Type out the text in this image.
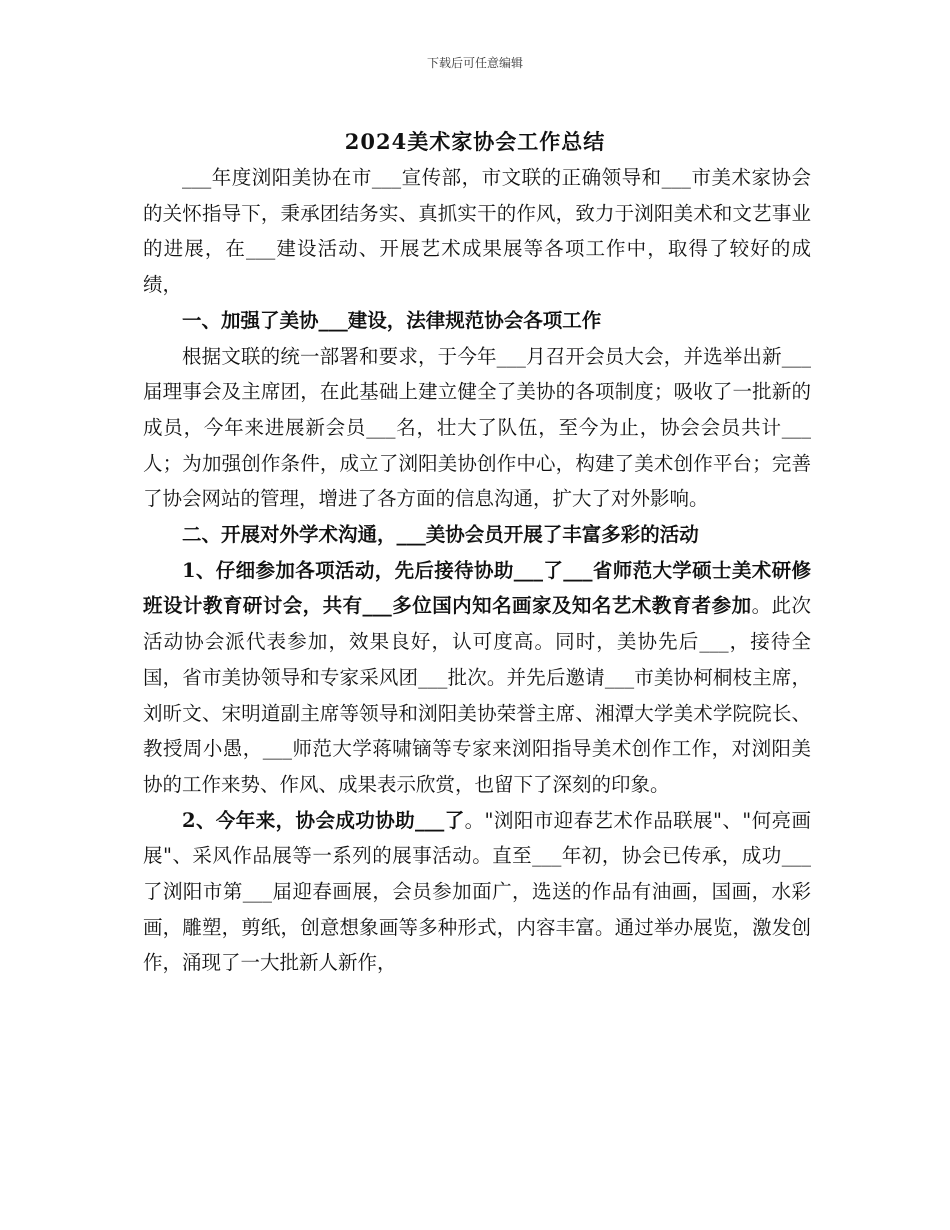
下载后可任意编辑
2024美术家协会工作总结

___年度浏阳美协在市___宣传部，市文联的正确领导和___市美术家协会的关怀指导下，秉承团结务实、真抓实干的作风，致力于浏阳美术和文艺事业的进展，在___建设活动、开展艺术成果展等各项工作中，取得了较好的成绩，

一、加强了美协___建设，法律规范协会各项工作

根据文联的统一部署和要求，于今年___月召开会员大会，并选举出新___届理事会及主席团，在此基础上建立健全了美协的各项制度；吸收了一批新的成员，今年来进展新会员___名，壮大了队伍，至今为止，协会会员共计___人；为加强创作条件，成立了浏阳美协创作中心，构建了美术创作平台；完善了协会网站的管理，增进了各方面的信息沟通，扩大了对外影响。

二、开展对外学术沟通，___美协会员开展了丰富多彩的活动

1、仔细参加各项活动，先后接待协助___了___省师范大学硕士美术研修班设计教育研讨会，共有___多位国内知名画家及知名艺术教育者参加。此次活动协会派代表参加，效果良好，认可度高。同时，美协先后___，接待全国，省市美协领导和专家采风团___批次。并先后邀请___市美协柯桐枝主席，刘昕文、宋明道副主席等领导和浏阳美协荣誉主席、湘潭大学美术学院院长、教授周小愚，___师范大学蒋啸镝等专家来浏阳指导美术创作工作，对浏阳美协的工作来势、作风、成果表示欣赏，也留下了深刻的印象。

2、今年来，协会成功协助___了。"浏阳市迎春艺术作品联展"、"何亮画展"、采风作品展等一系列的展事活动。直至___年初，协会已传承，成功___了浏阳市第___届迎春画展，会员参加面广，选送的作品有油画，国画，水彩画，雕塑，剪纸，创意想象画等多种形式，内容丰富。通过举办展览，激发创作，涌现了一大批新人新作，
